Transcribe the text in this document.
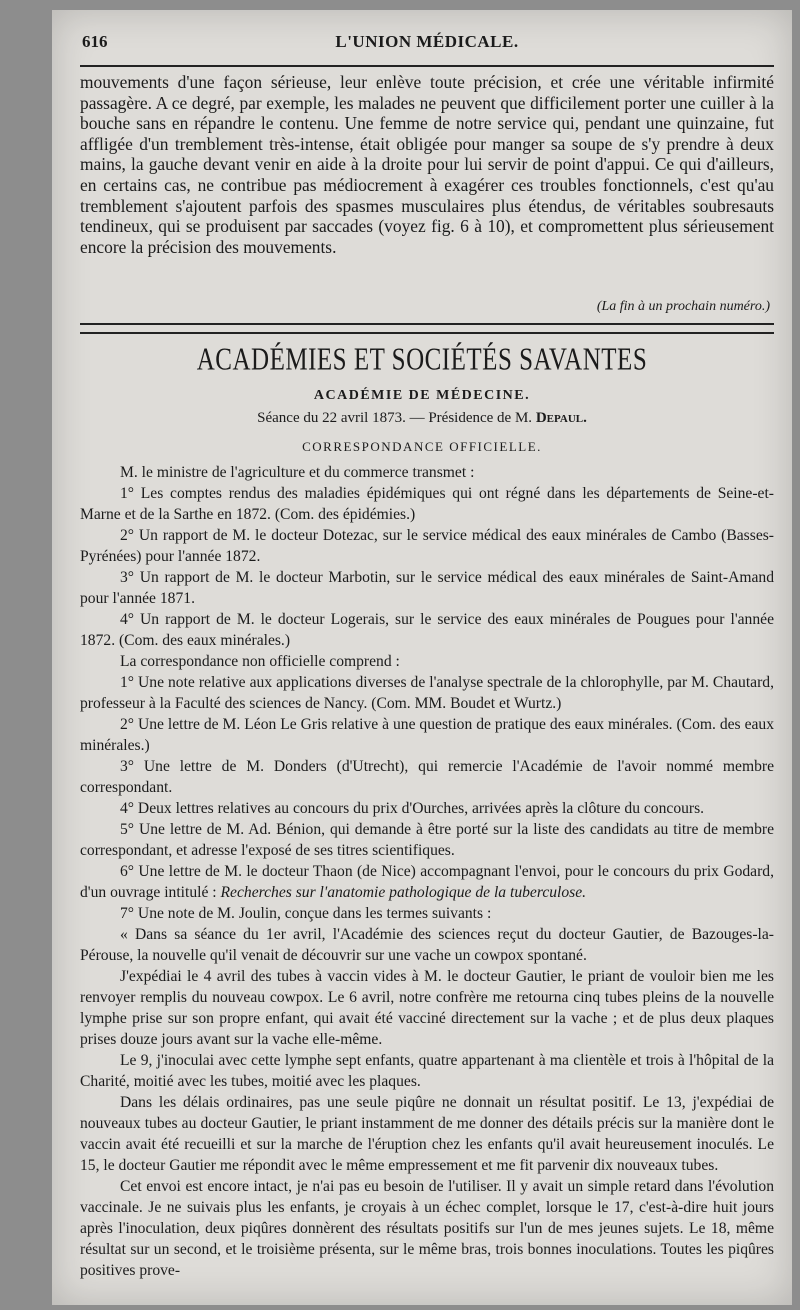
616	L'UNION MÉDICALE.

mouvements d'une façon sérieuse, leur enlève toute précision, et crée une véritable infirmité passagère. A ce degré, par exemple, les malades ne peuvent que difficilement porter une cuiller à la bouche sans en répandre le contenu. Une femme de notre service qui, pendant une quinzaine, fut affligée d'un tremblement très-intense, était obligée pour manger sa soupe de s'y prendre à deux mains, la gauche devant venir en aide à la droite pour lui servir de point d'appui. Ce qui d'ailleurs, en certains cas, ne contribue pas médiocrement à exagérer ces troubles fonctionnels, c'est qu'au tremblement s'ajoutent parfois des spasmes musculaires plus étendus, de véritables soubresauts tendineux, qui se produisent par saccades (voyez fig. 6 à 10), et compromettent plus sérieusement encore la précision des mouvements.

(La fin à un prochain numéro.)
ACADÉMIES ET SOCIÉTÉS SAVANTES
ACADÉMIE DE MÉDECINE.
Séance du 22 avril 1873. — Présidence de M. Depaul.
CORRESPONDANCE OFFICIELLE.

M. le ministre de l'agriculture et du commerce transmet :

1° Les comptes rendus des maladies épidémiques qui ont régné dans les départements de Seine-et-Marne et de la Sarthe en 1872. (Com. des épidémies.)

2° Un rapport de M. le docteur Dotezac, sur le service médical des eaux minérales de Cambo (Basses-Pyrénées) pour l'année 1872.

3° Un rapport de M. le docteur Marbotin, sur le service médical des eaux minérales de Saint-Amand pour l'année 1871.

4° Un rapport de M. le docteur Logerais, sur le service des eaux minérales de Pougues pour l'année 1872. (Com. des eaux minérales.)

La correspondance non officielle comprend :

1° Une note relative aux applications diverses de l'analyse spectrale de la chlorophylle, par M. Chautard, professeur à la Faculté des sciences de Nancy. (Com. MM. Boudet et Wurtz.)

2° Une lettre de M. Léon Le Gris relative à une question de pratique des eaux minérales. (Com. des eaux minérales.)

3° Une lettre de M. Donders (d'Utrecht), qui remercie l'Académie de l'avoir nommé membre correspondant.

4° Deux lettres relatives au concours du prix d'Ourches, arrivées après la clôture du concours.

5° Une lettre de M. Ad. Bénion, qui demande à être porté sur la liste des candidats au titre de membre correspondant, et adresse l'exposé de ses titres scientifiques.

6° Une lettre de M. le docteur Thaon (de Nice) accompagnant l'envoi, pour le concours du prix Godard, d'un ouvrage intitulé : Recherches sur l'anatomie pathologique de la tuberculose.

7° Une note de M. Joulin, conçue dans les termes suivants :

« Dans sa séance du 1er avril, l'Académie des sciences reçut du docteur Gautier, de Bazouges-la-Pérouse, la nouvelle qu'il venait de découvrir sur une vache un cowpox spontané.

J'expédiai le 4 avril des tubes à vaccin vides à M. le docteur Gautier, le priant de vouloir bien me les renvoyer remplis du nouveau cowpox. Le 6 avril, notre confrère me retourna cinq tubes pleins de la nouvelle lymphe prise sur son propre enfant, qui avait été vacciné directement sur la vache ; et de plus deux plaques prises douze jours avant sur la vache elle-même.

Le 9, j'inoculai avec cette lymphe sept enfants, quatre appartenant à ma clientèle et trois à l'hôpital de la Charité, moitié avec les tubes, moitié avec les plaques.

Dans les délais ordinaires, pas une seule piqûre ne donnait un résultat positif. Le 13, j'expédiai de nouveaux tubes au docteur Gautier, le priant instamment de me donner des détails précis sur la manière dont le vaccin avait été recueilli et sur la marche de l'éruption chez les enfants qu'il avait heureusement inoculés. Le 15, le docteur Gautier me répondit avec le même empressement et me fit parvenir dix nouveaux tubes.

Cet envoi est encore intact, je n'ai pas eu besoin de l'utiliser. Il y avait un simple retard dans l'évolution vaccinale. Je ne suivais plus les enfants, je croyais à un échec complet, lorsque le 17, c'est-à-dire huit jours après l'inoculation, deux piqûres donnèrent des résultats positifs sur l'un de mes jeunes sujets. Le 18, même résultat sur un second, et le troisième présenta, sur le même bras, trois bonnes inoculations. Toutes les piqûres positives prove-
